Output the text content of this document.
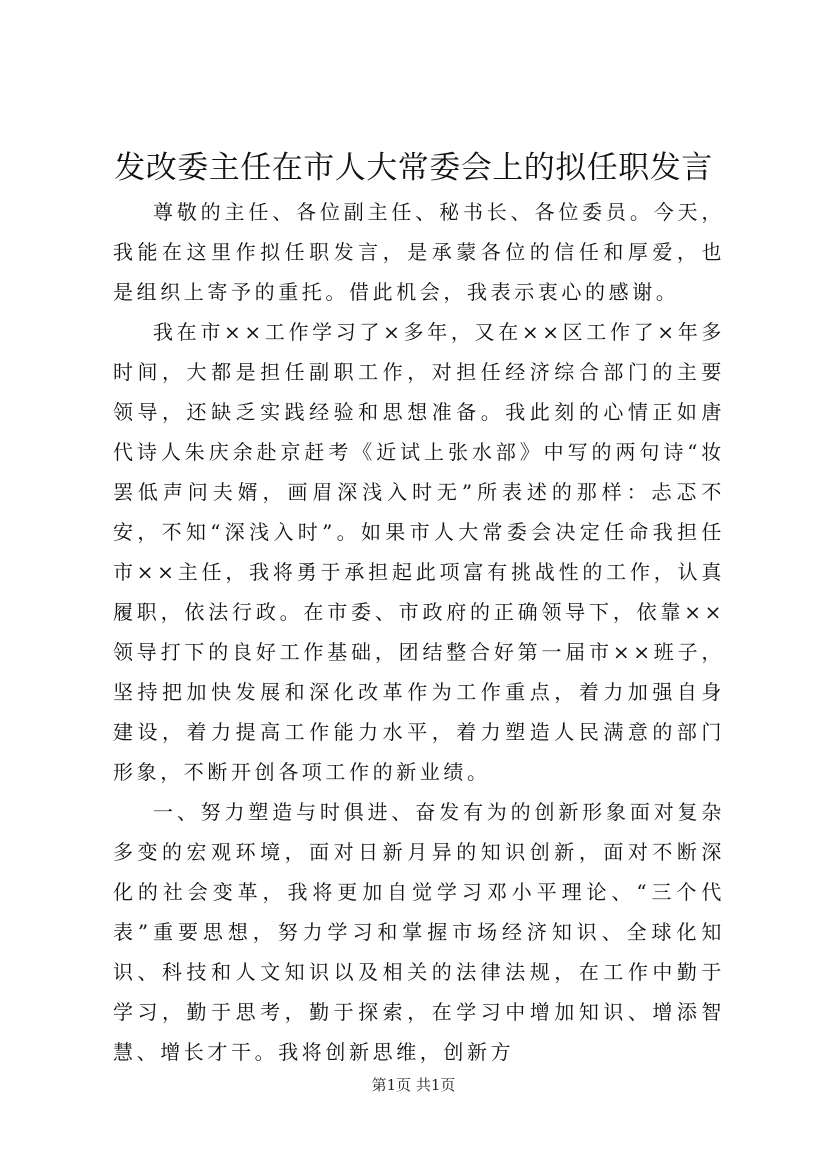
发改委主任在市人大常委会上的拟任职发言

尊敬的主任、各位副主任、秘书长、各位委员。今天，我能在这里作拟任职发言，是承蒙各位的信任和厚爱，也是组织上寄予的重托。借此机会，我表示衷心的感谢。

我在市××工作学习了×多年，又在××区工作了×年多时间，大都是担任副职工作，对担任经济综合部门的主要领导，还缺乏实践经验和思想准备。我此刻的心情正如唐代诗人朱庆余赴京赶考《近试上张水部》中写的两句诗“妆罢低声问夫婿，画眉深浅入时无”所表述的那样：忐忑不安，不知“深浅入时”。如果市人大常委会决定任命我担任市××主任，我将勇于承担起此项富有挑战性的工作，认真履职，依法行政。在市委、市政府的正确领导下，依靠××领导打下的良好工作基础，团结整合好第一届市××班子，坚持把加快发展和深化改革作为工作重点，着力加强自身建设，着力提高工作能力水平，着力塑造人民满意的部门形象，不断开创各项工作的新业绩。

一、努力塑造与时俱进、奋发有为的创新形象面对复杂多变的宏观环境，面对日新月异的知识创新，面对不断深化的社会变革，我将更加自觉学习邓小平理论、“三个代表”重要思想，努力学习和掌握市场经济知识、全球化知识、科技和人文知识以及相关的法律法规，在工作中勤于学习，勤于思考，勤于探索，在学习中增加知识、增添智慧、增长才干。我将创新思维，创新方

第1页 共1页
